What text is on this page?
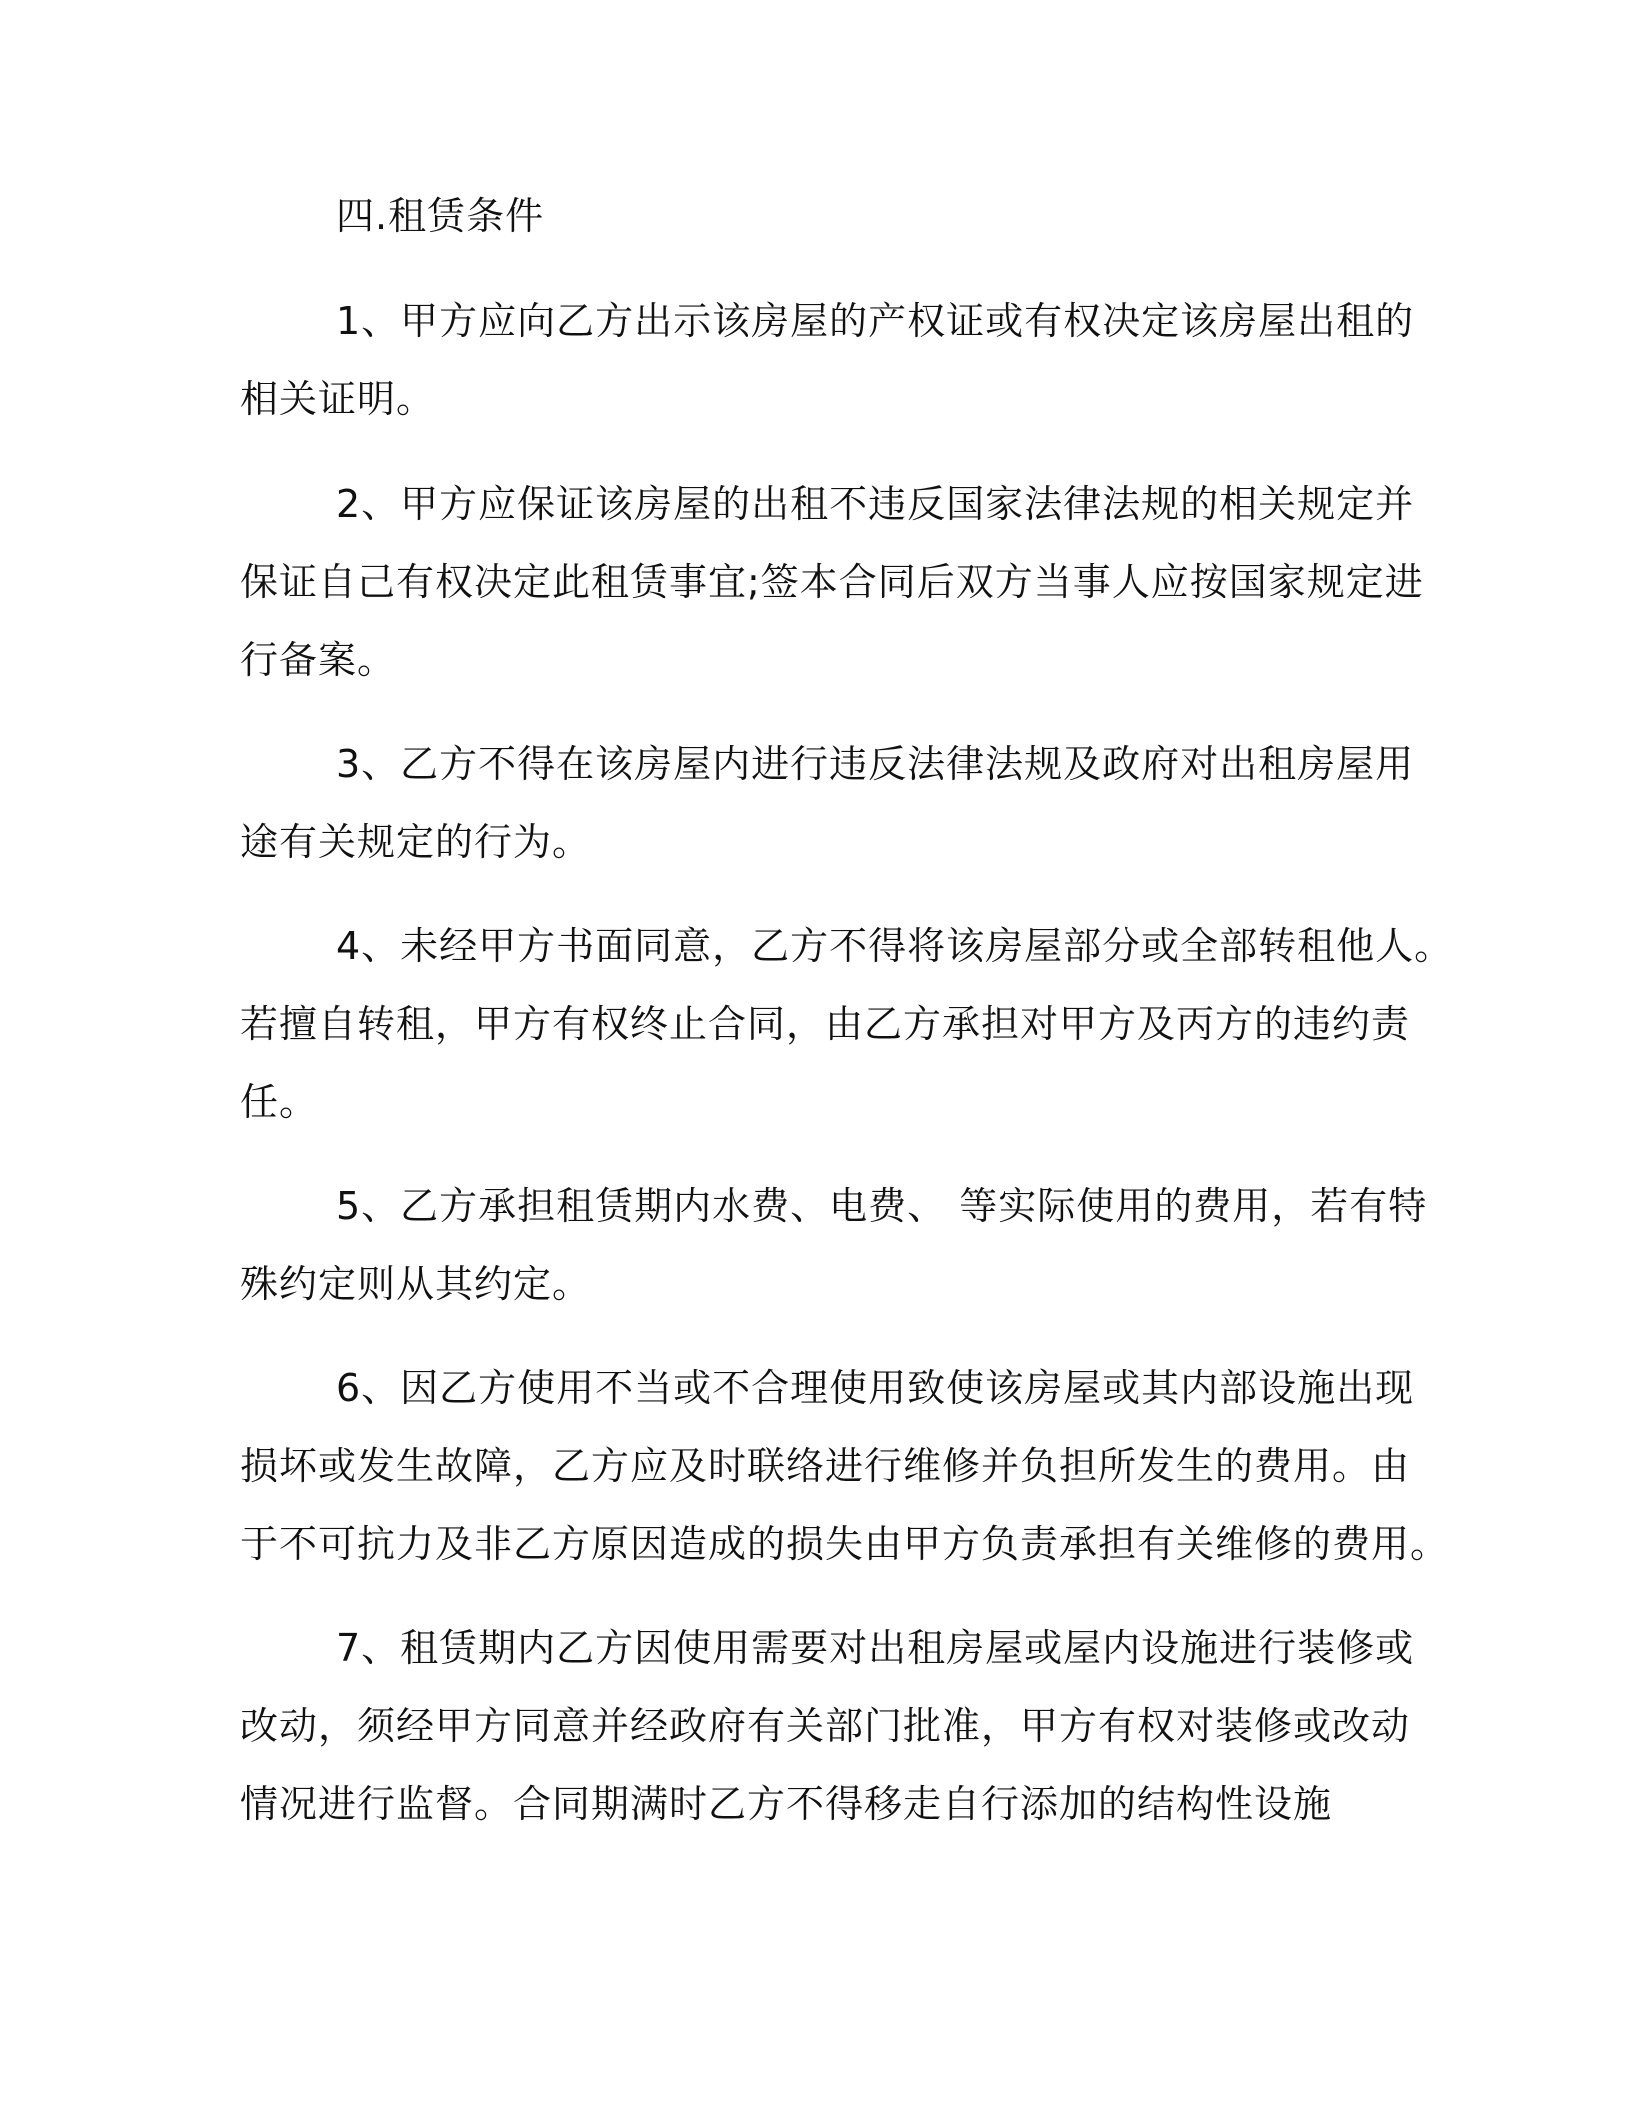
四.租赁条件
1、甲方应向乙方出示该房屋的产权证或有权决定该房屋出租的
相关证明。
2、甲方应保证该房屋的出租不违反国家法律法规的相关规定并
保证自己有权决定此租赁事宜;签本合同后双方当事人应按国家规定进
行备案。
3、乙方不得在该房屋内进行违反法律法规及政府对出租房屋用
途有关规定的行为。
4、未经甲方书面同意，乙方不得将该房屋部分或全部转租他人。
若擅自转租，甲方有权终止合同，由乙方承担对甲方及丙方的违约责
任。
5、乙方承担租赁期内水费、电费、 等实际使用的费用，若有特
殊约定则从其约定。
6、因乙方使用不当或不合理使用致使该房屋或其内部设施出现
损坏或发生故障，乙方应及时联络进行维修并负担所发生的费用。由
于不可抗力及非乙方原因造成的损失由甲方负责承担有关维修的费用。
7、租赁期内乙方因使用需要对出租房屋或屋内设施进行装修或
改动，须经甲方同意并经政府有关部门批准，甲方有权对装修或改动
情况进行监督。合同期满时乙方不得移走自行添加的结构性设施
